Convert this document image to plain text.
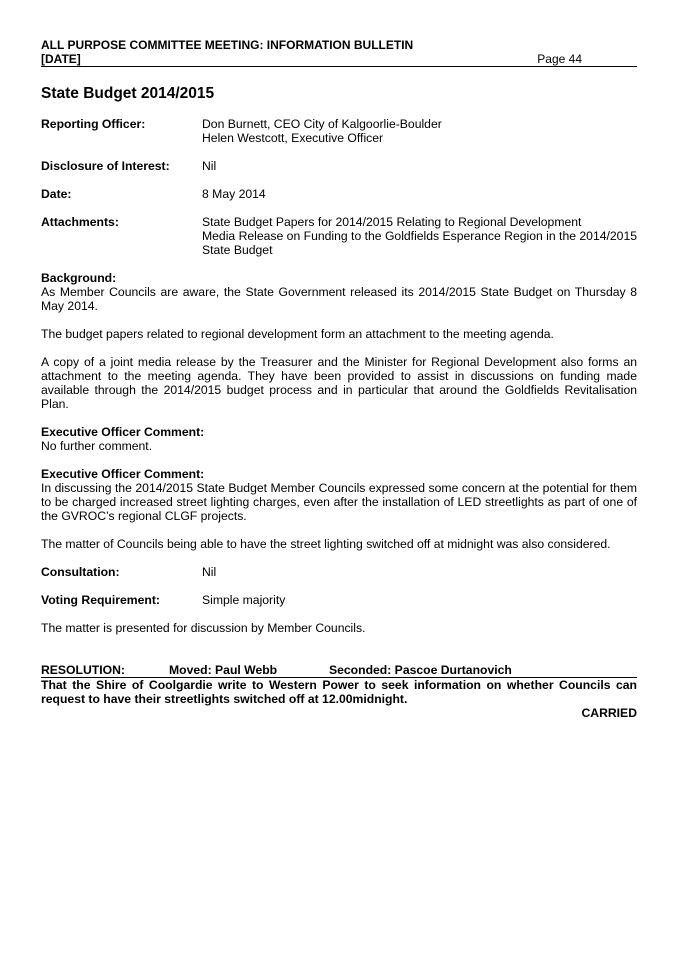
ALL PURPOSE COMMITTEE MEETING: INFORMATION BULLETIN
[DATE]	Page 44
State Budget 2014/2015
Reporting Officer:	Don Burnett, CEO City of Kalgoorlie-Boulder
Helen Westcott, Executive Officer
Disclosure of Interest:	Nil
Date:	8 May 2014
Attachments:	State Budget Papers for 2014/2015 Relating to Regional Development
Media Release on Funding to the Goldfields Esperance Region in the 2014/2015 State Budget
Background:

As Member Councils are aware, the State Government released its 2014/2015 State Budget on Thursday 8 May 2014.

The budget papers related to regional development form an attachment to the meeting agenda.

A copy of a joint media release by the Treasurer and the Minister for Regional Development also forms an attachment to the meeting agenda. They have been provided to assist in discussions on funding made available through the 2014/2015 budget process and in particular that around the Goldfields Revitalisation Plan.

Executive Officer Comment:

No further comment.

Executive Officer Comment:

In discussing the 2014/2015 State Budget Member Councils expressed some concern at the potential for them to be charged increased street lighting charges, even after the installation of LED streetlights as part of one of the GVROC’s regional CLGF projects.

The matter of Councils being able to have the street lighting switched off at midnight was also considered.

Consultation:	Nil
Voting Requirement:	Simple majority

The matter is presented for discussion by Member Councils.

RESOLUTION:	Moved: Paul Webb	Seconded: Pascoe Durtanovich

That the Shire of Coolgardie write to Western Power to seek information on whether Councils can request to have their streetlights switched off at 12.00midnight.

CARRIED
